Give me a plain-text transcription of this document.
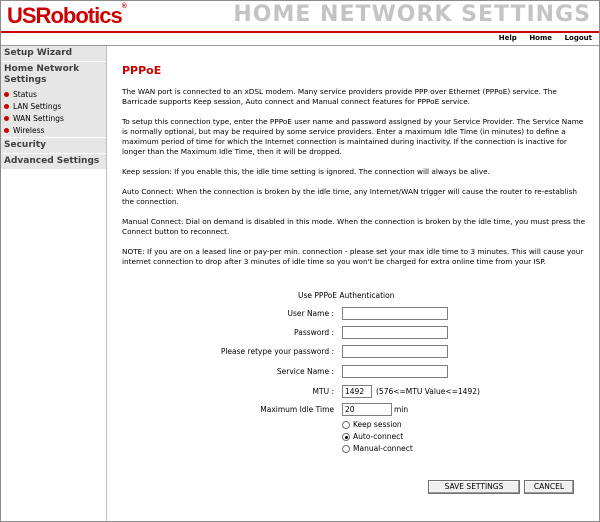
USRobotics®	HOME NETWORK SETTINGS
Help Home Logout
Setup Wizard
Home Network Settings
Status
LAN Settings
WAN Settings
Wireless
Security
Advanced Settings
PPPoE
The WAN port is connected to an xDSL modem. Many service providers provide PPP over Ethernet (PPPoE) service. The Barricade supports Keep session, Auto connect and Manual connect features for PPPoE service.
To setup this connection type, enter the PPPoE user name and password assigned by your Service Provider. The Service Name is normally optional, but may be required by some service providers. Enter a maximum Idle Time (in minutes) to define a maximum period of time for which the Internet connection is maintained during inactivity. If the connection is inactive for longer than the Maximum Idle Time, then it will be dropped.
Keep session: If you enable this, the idle time setting is ignored. The connection will always be alive.
Auto Connect: When the connection is broken by the idle time, any Internet/WAN trigger will cause the router to re-establish the connection.
Manual Connect: Dial on demand is disabled in this mode. When the connection is broken by the idle time, you must press the Connect button to reconnect.
NOTE: If you are on a leased line or pay-per min. connection - please set your max idle time to 3 minutes. This will cause your internet connection to drop after 3 minutes of idle time so you won't be charged for extra online time from your ISP.
Use PPPoE Authentication
User Name :
Password :
Please retype your password :
Service Name :
MTU :
1492	(576<=MTU Value<=1492)
Maximum Idle Time
20	min
Keep session
Auto-connect
Manual-connect
SAVE SETTINGS	CANCEL
